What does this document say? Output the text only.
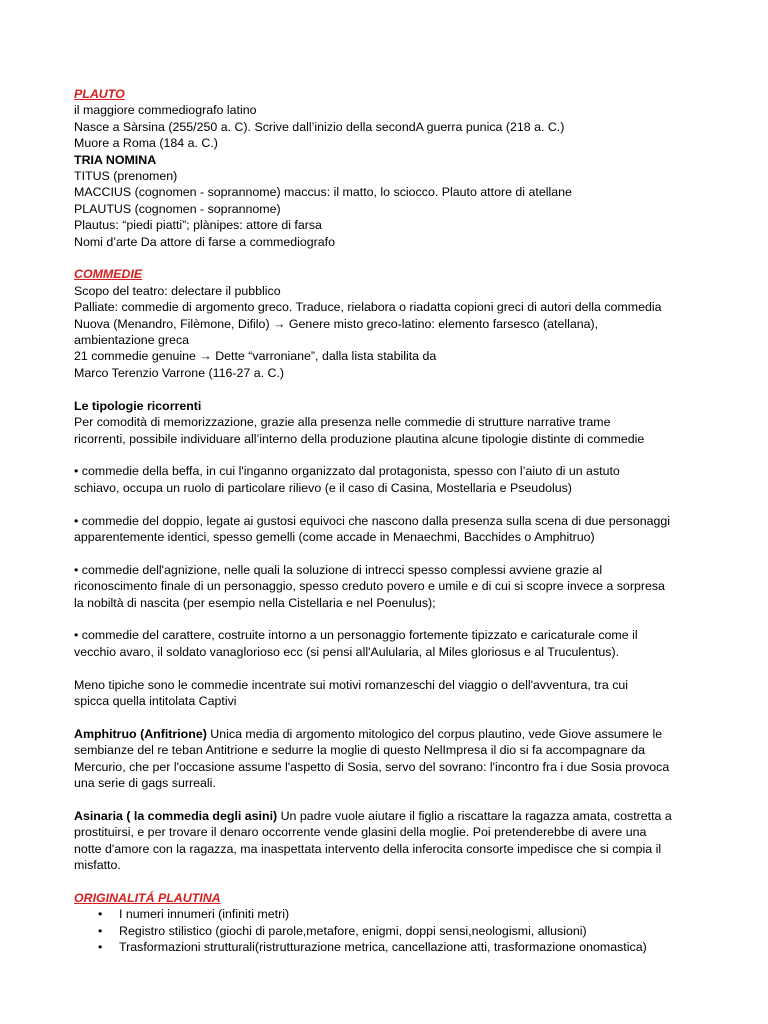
PLAUTO
il maggiore commediografo latino
Nasce a Sàrsina (255/250 a. C). Scrive dall’inizio della secondA guerra punica (218 a. C.)
Muore a Roma (184 a. C.)
TRIA NOMINA
TITUS (prenomen)
MACCIUS (cognomen - soprannome) maccus: il matto, lo sciocco. Plauto attore di atellane
PLAUTUS (cognomen - soprannome)
Plautus: “piedi piatti”; plànipes: attore di farsa
Nomi d’arte Da attore di farse a commediografo
COMMEDIE
Scopo del teatro: delectare il pubblico
Palliate: commedie di argomento greco. Traduce, rielabora o riadatta copioni greci di autori della commedia
Nuova (Menandro, Filèmone, Difilo) → Genere misto greco-latino: elemento farsesco (atellana),
ambientazione greca
21 commedie genuine → Dette “varroniane”, dalla lista stabilita da
Marco Terenzio Varrone (116-27 a. C.)
Le tipologie ricorrenti
Per comodità di memorizzazione, grazie alla presenza nelle commedie di strutture narrative trame
ricorrenti, possibile individuare all’interno della produzione plautina alcune tipologie distinte di commedie
• commedie della beffa, in cui l'inganno organizzato dal protagonista, spesso con l’aiuto di un astuto
schiavo, occupa un ruolo di particolare rilievo (e il caso di Casina, Mostellaria e Pseudolus)
• commedie del doppio, legate ai gustosi equivoci che nascono dalla presenza sulla scena di due personaggi
apparentemente identici, spesso gemelli (come accade in Menaechmi, Bacchides o Amphitruo)
• commedie dell'agnizione, nelle quali la soluzione di intrecci spesso complessi avviene grazie al
riconoscimento finale di un personaggio, spesso creduto povero e umile e di cui si scopre invece a sorpresa
la nobiltà di nascita (per esempio nella Cistellaria e nel Poenulus);
• commedie del carattere, costruite intorno a un personaggio fortemente tipizzato e caricaturale come il
vecchio avaro, il soldato vanaglorioso ecc (si pensi all'Aulularia, al Miles gloriosus e al Truculentus).
Meno tipiche sono le commedie incentrate sui motivi romanzeschi del viaggio o dell'avventura, tra cui
spicca quella intitolata Captivi
Amphitruo (Anfitrione) Unica media di argomento mitologico del corpus plautino, vede Giove assumere le
sembianze del re teban Antitrione e sedurre la moglie di questo NelImpresa il dio si fa accompagnare da
Mercurio, che per l'occasione assume l'aspetto di Sosia, servo del sovrano: l'incontro fra i due Sosia provoca
una serie di gags surreali.
Asinaria ( la commedia degli asini) Un padre vuole aiutare il figlio a riscattare la ragazza amata, costretta a
prostituirsi, e per trovare il denaro occorrente vende glasini della moglie. Poi pretenderebbe di avere una
notte d'amore con la ragazza, ma inaspettata intervento della inferocita consorte impedisce che si compia il
misfatto.
ORIGINALITÁ PLAUTINA
• I numeri innumeri (infiniti metri)
• Registro stilistico (giochi di parole,metafore, enigmi, doppi sensi,neologismi, allusioni)
• Trasformazioni strutturali(ristrutturazione metrica, cancellazione atti, trasformazione onomastica)
